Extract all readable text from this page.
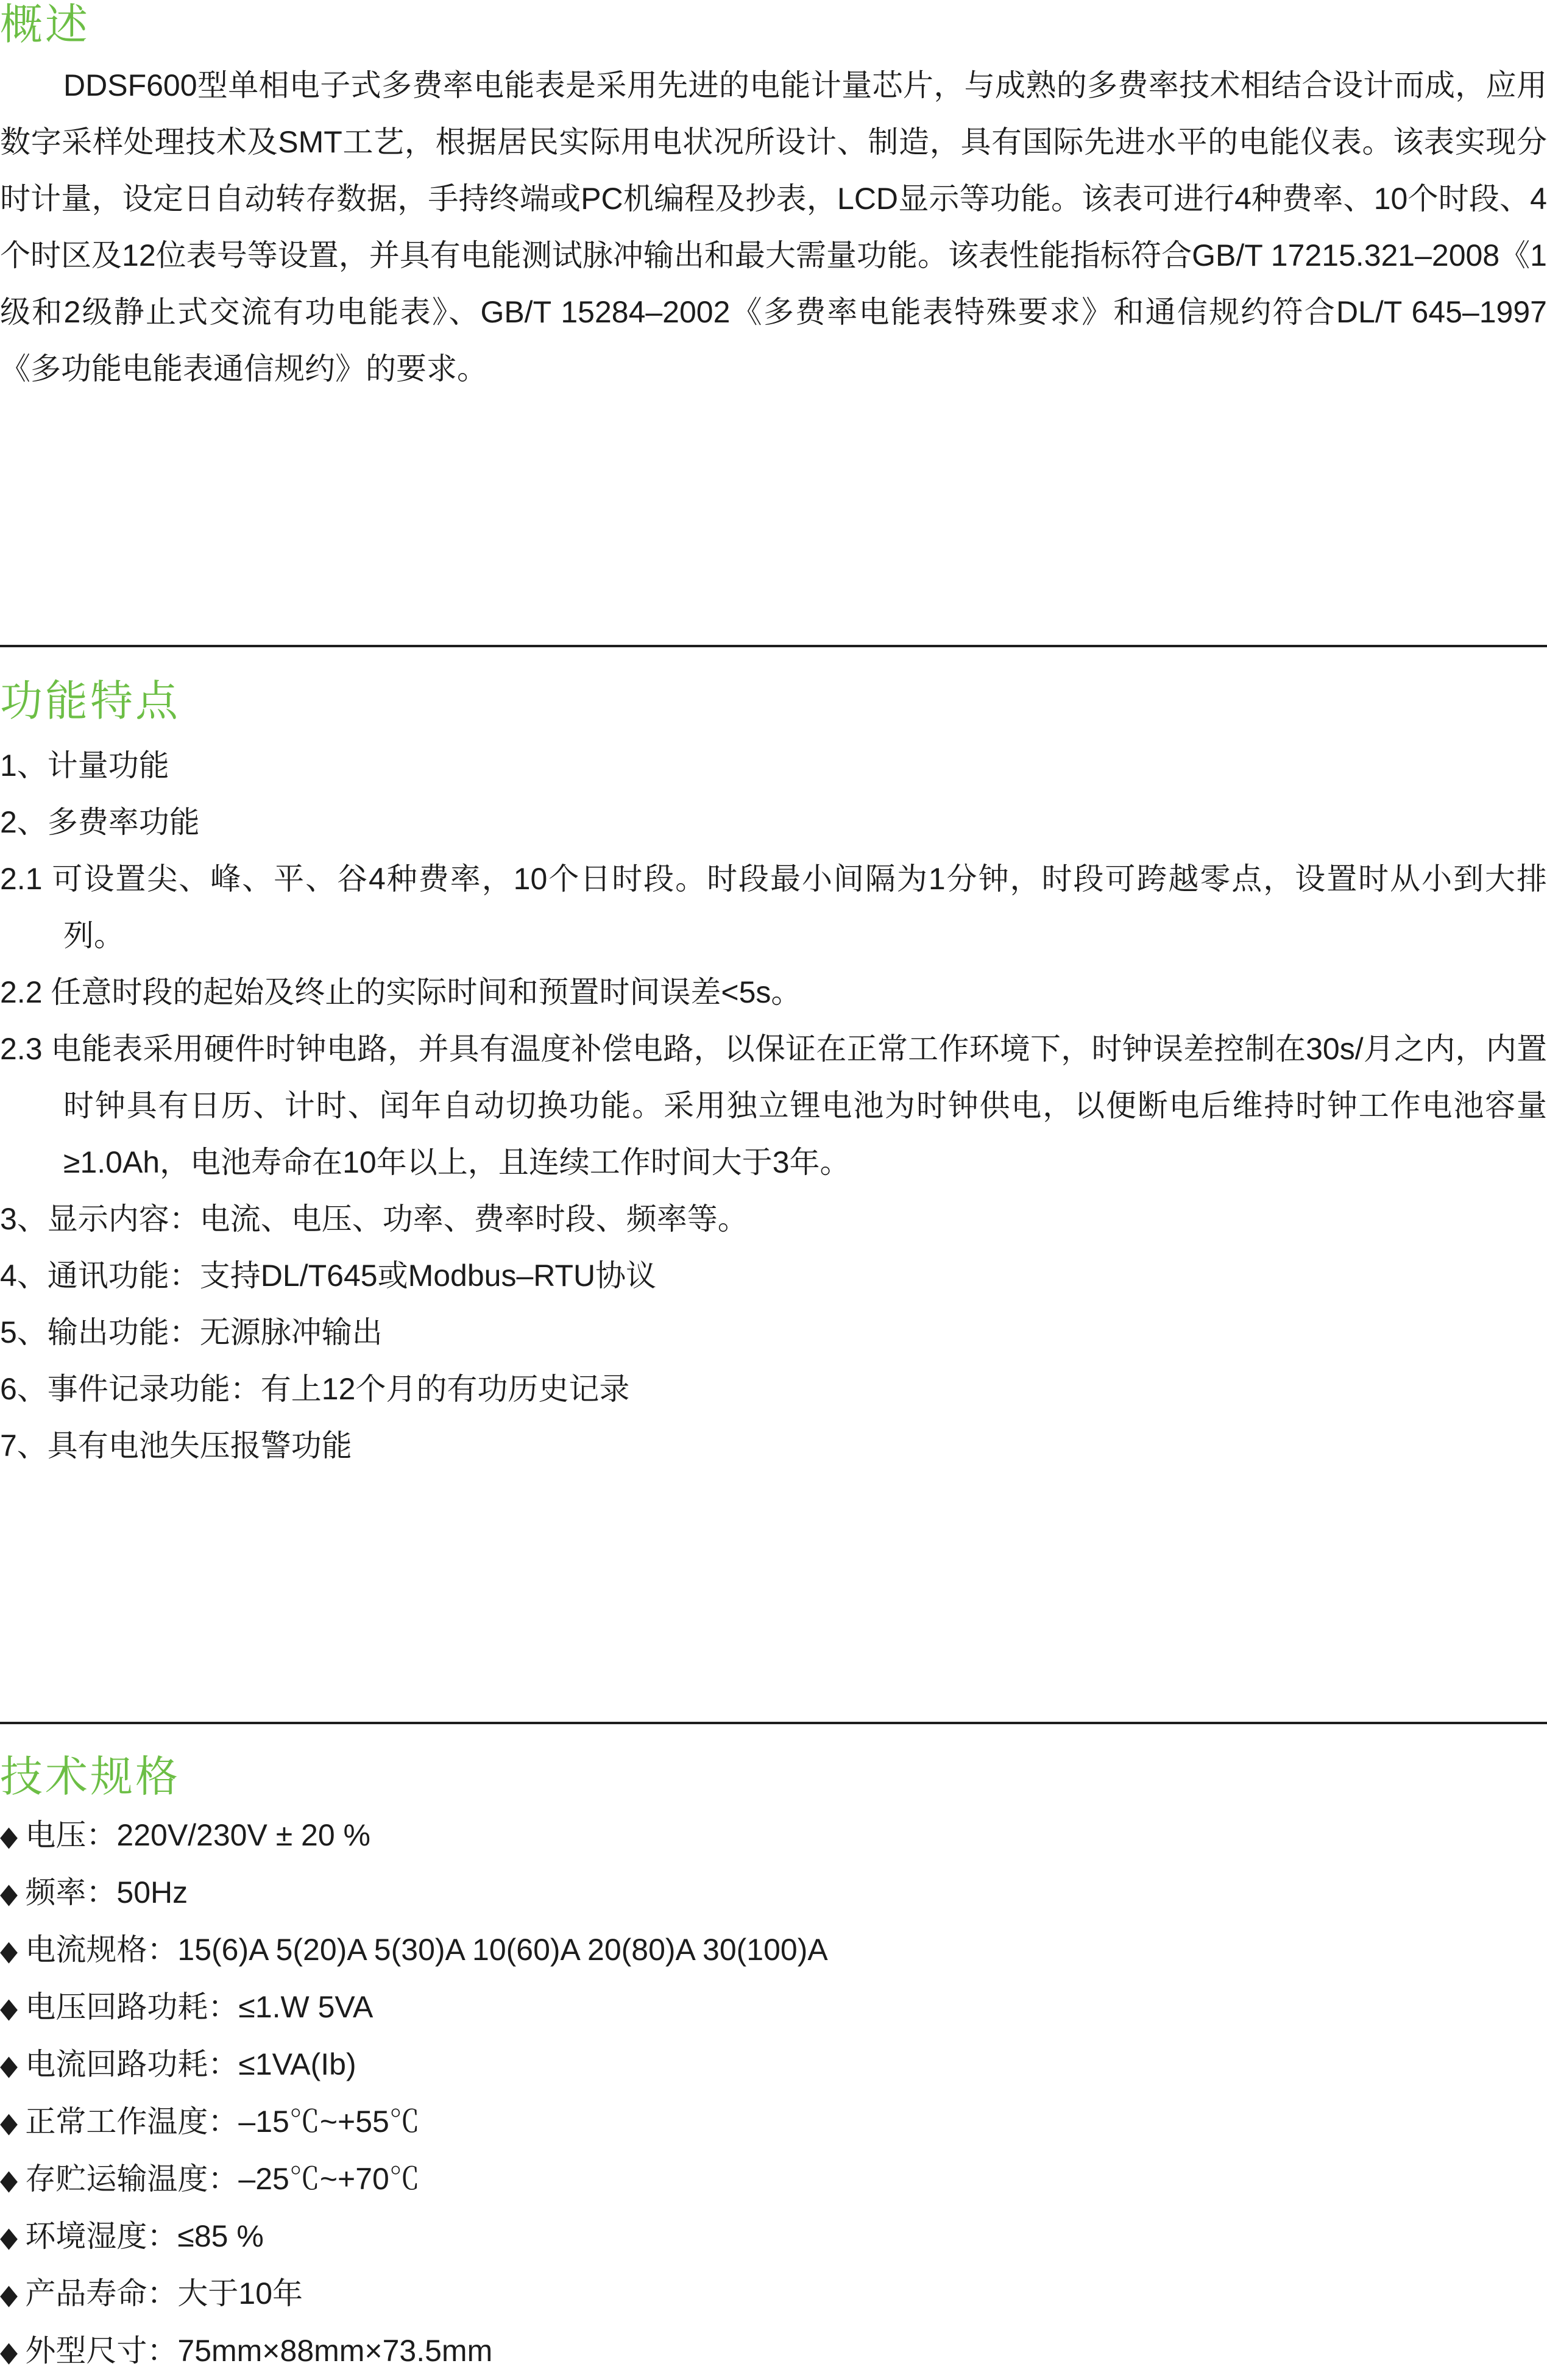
概述

DDSF600型单相电子式多费率电能表是采用先进的电能计量芯片，与成熟的多费率技术相结合设计而成，应用数字采样处理技术及SMT工艺，根据居民实际用电状况所设计、制造，具有国际先进水平的电能仪表。该表实现分时计量，设定日自动转存数据，手持终端或PC机编程及抄表，LCD显示等功能。该表可进行4种费率、10个时段、4个时区及12位表号等设置，并具有电能测试脉冲输出和最大需量功能。该表性能指标符合GB/T 17215.321–2008《1级和2级静止式交流有功电能表》、GB/T 15284–2002《多费率电能表特殊要求》和通信规约符合DL/T 645–1997《多功能电能表通信规约》的要求。

功能特点
1、计量功能
2、多费率功能
2.1 可设置尖、峰、平、谷4种费率，10个日时段。时段最小间隔为1分钟，时段可跨越零点，设置时从小到大排列。
2.2 任意时段的起始及终止的实际时间和预置时间误差<5s。
2.3 电能表采用硬件时钟电路，并具有温度补偿电路，以保证在正常工作环境下，时钟误差控制在30s/月之内，内置时钟具有日历、计时、闰年自动切换功能。采用独立锂电池为时钟供电，以便断电后维持时钟工作电池容量≥1.0Ah，电池寿命在10年以上，且连续工作时间大于3年。
3、显示内容：电流、电压、功率、费率时段、频率等。
4、通讯功能：支持DL/T645或Modbus–RTU协议
5、输出功能：无源脉冲输出
6、事件记录功能：有上12个月的有功历史记录
7、具有电池失压报警功能
技术规格
◆ 电压：220V/230V ± 20 %
◆ 频率：50Hz
◆ 电流规格：15(6)A 5(20)A 5(30)A 10(60)A 20(80)A 30(100)A
◆ 电压回路功耗：≤1.W 5VA
◆ 电流回路功耗：≤1VA(Ib)
◆ 正常工作温度：–15℃~+55℃
◆ 存贮运输温度：–25℃~+70℃
◆ 环境湿度：≤85 %
◆ 产品寿命：大于10年
◆ 外型尺寸：75mm×88mm×73.5mm
